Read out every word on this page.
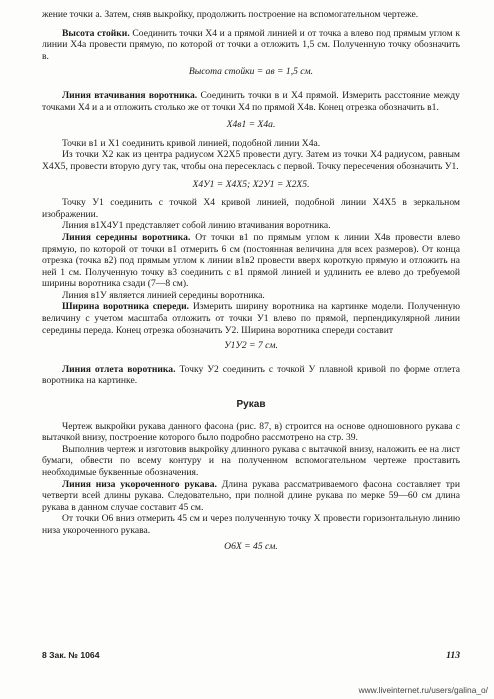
жение точки а. Затем, сняв выкройку, продолжить построение на вспомогательном чертеже.

Высота стойки. Соединить точки X4 и а прямой линией и от точка а влево под прямым углом к линии X4а провести прямую, по которой от точки а отложить 1,5 см. Полученную точку обозначить в.

Высота стойки = ав = 1,5 см.

Линия втачивания воротника. Соединить точки в и X4 прямой. Измерить расстояние между точками X4 и а и отложить столько же от точки X4 по прямой X4в. Конец отрезка обозначить в1.

X4в1 = X4а.

Точки в1 и X1 соединить кривой линией, подобной линии X4а.

Из точки X2 как из центра радиусом X2X5 провести дугу. Затем из точки X4 радиусом, равным X4X5, провести вторую дугу так, чтобы она пересеклась с первой. Точку пересечения обозначить У1.

X4У1 = X4X5; X2У1 = X2X5.

Точку У1 соединить с точкой X4 кривой линией, подобной линии X4X5 в зеркальном изображении.

Линия в1X4У1 представляет собой линию втачивания воротника.

Линия середины воротника. От точки в1 по прямым углом к линии X4в провести влево прямую, по которой от точки в1 отмерить 6 см (постоянная величина для всех размеров). От конца отрезка (точка в2) под прямым углом к линии в1в2 провести вверх короткую прямую и отложить на ней 1 см. Полученную точку в3 соединить с в1 прямой линией и удлинить ее влево до требуемой ширины воротника сзади (7—8 см).

Линия в1У является линией середины воротника.

Ширина воротника спереди. Измерить ширину воротника на картинке модели. Полученную величину с учетом масштаба отложить от точки У1 влево по прямой, перпендикулярной линии середины переда. Конец отрезка обозначить У2. Ширина воротника спереди составит

У1У2 = 7 см.

Линия отлета воротника. Точку У2 соединить с точкой У плавной кривой по форме отлета воротника на картинке.

Рукав

Чертеж выкройки рукава данного фасона (рис. 87, в) строится на основе одношовного рукава с вытачкой внизу, построение которого было подробно рассмотрено на стр. 39.

Выполнив чертеж и изготовив выкройку длинного рукава с вытачкой внизу, наложить ее на лист бумаги, обвести по всему контуру и на полученном вспомогательном чертеже проставить необходимые буквенные обозначения.

Линия низа укороченного рукава. Длина рукава рассматриваемого фасона составляет три четверти всей длины рукава. Следовательно, при полной длине рукава по мерке 59—60 см длина рукава в данном случае составит 45 см.

От точки О6 вниз отмерить 45 см и через полученную точку X провести горизонтальную линию низа укороченного рукава.

О6X = 45 см.
8 Зак. № 1064	113
www.liveinternet.ru/users/galina_o/
